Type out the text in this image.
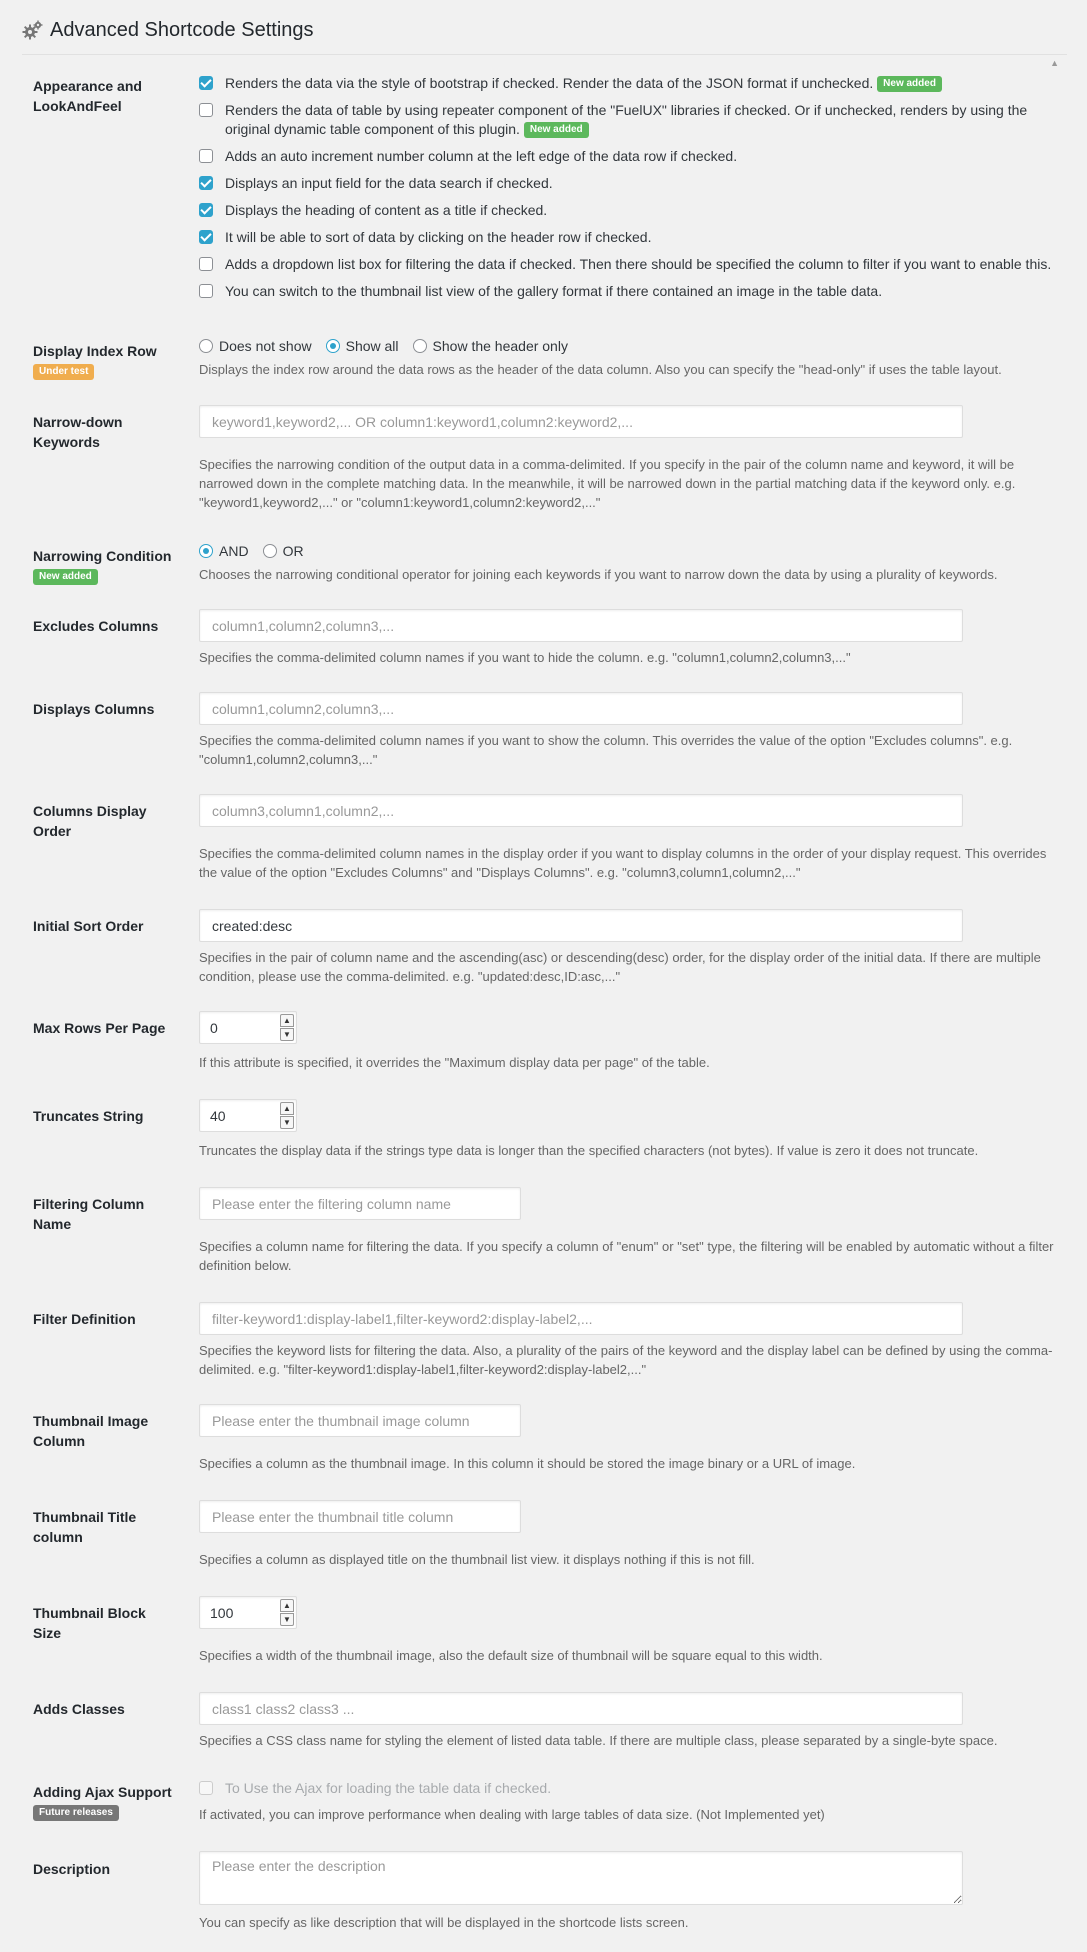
Advanced Shortcode Settings
▲
Appearance and LookAndFeel
Renders the data via the style of bootstrap if checked. Render the data of the JSON format if unchecked. New added
Renders the data of table by using repeater component of the "FuelUX" libraries if checked. Or if unchecked, renders by using the original dynamic table component of this plugin. New added
Adds an auto increment number column at the left edge of the data row if checked.
Displays an input field for the data search if checked.
Displays the heading of content as a title if checked.
It will be able to sort of data by clicking on the header row if checked.
Adds a dropdown list box for filtering the data if checked. Then there should be specified the column to filter if you want to enable this.
You can switch to the thumbnail list view of the gallery format if there contained an image in the table data.
Display Index Row Under test
Does not show Show all Show the header only
Displays the index row around the data rows as the header of the data column. Also you can specify the "head-only" if uses the table layout.
Narrow-down Keywords
keyword1,keyword2,... OR column1:keyword1,column2:keyword2,...
Specifies the narrowing condition of the output data in a comma-delimited. If you specify in the pair of the column name and keyword, it will be narrowed down in the complete matching data. In the meanwhile, it will be narrowed down in the partial matching data if the keyword only. e.g. "keyword1,keyword2,..." or "column1:keyword1,column2:keyword2,..."
Narrowing Condition New added
AND OR
Chooses the narrowing conditional operator for joining each keywords if you want to narrow down the data by using a plurality of keywords.
Excludes Columns
column1,column2,column3,...
Specifies the comma-delimited column names if you want to hide the column. e.g. "column1,column2,column3,..."
Displays Columns
column1,column2,column3,...
Specifies the comma-delimited column names if you want to show the column. This overrides the value of the option "Excludes columns". e.g. "column1,column2,column3,..."
Columns Display Order
column3,column1,column2,...
Specifies the comma-delimited column names in the display order if you want to display columns in the order of your display request. This overrides the value of the option "Excludes Columns" and "Displays Columns". e.g. "column3,column1,column2,..."
Initial Sort Order
created:desc
Specifies in the pair of column name and the ascending(asc) or descending(desc) order, for the display order of the initial data. If there are multiple condition, please use the comma-delimited. e.g. "updated:desc,ID:asc,..."
Max Rows Per Page	0	▲
▼
If this attribute is specified, it overrides the "Maximum display data per page" of the table.
Truncates String	40	▲
▼
Truncates the display data if the strings type data is longer than the specified characters (not bytes). If value is zero it does not truncate.
Filtering Column Name
Please enter the filtering column name
Specifies a column name for filtering the data. If you specify a column of "enum" or "set" type, the filtering will be enabled by automatic without a filter definition below.
Filter Definition
filter-keyword1:display-label1,filter-keyword2:display-label2,...
Specifies the keyword lists for filtering the data. Also, a plurality of the pairs of the keyword and the display label can be defined by using the comma-delimited. e.g. "filter-keyword1:display-label1,filter-keyword2:display-label2,..."
Thumbnail Image Column
Please enter the thumbnail image column
Specifies a column as the thumbnail image. In this column it should be stored the image binary or a URL of image.
Thumbnail Title column
Please enter the thumbnail title column
Specifies a column as displayed title on the thumbnail list view. it displays nothing if this is not fill.
Thumbnail Block Size
100	▲
▼
Specifies a width of the thumbnail image, also the default size of thumbnail will be square equal to this width.
Adds Classes
class1 class2 class3 ...
Specifies a CSS class name for styling the element of listed data table. If there are multiple class, please separated by a single-byte space.
Adding Ajax Support Future releases
To Use the Ajax for loading the table data if checked.
If activated, you can improve performance when dealing with large tables of data size. (Not Implemented yet)
Description
Please enter the description
You can specify as like description that will be displayed in the shortcode lists screen.
